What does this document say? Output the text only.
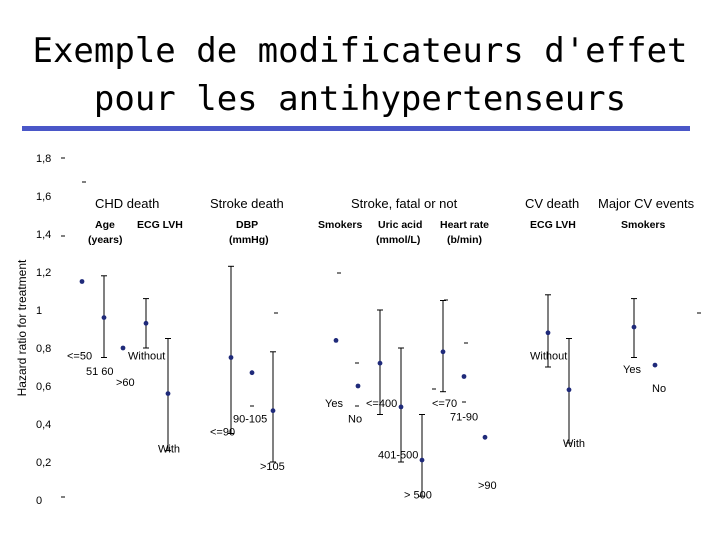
Exemple de modificateurs d'effet
pour les antihypertenseurs
0
0,2
0,4
0,6
0,8
1
1,2
1,4
1,6
1,8
Hazard ratio for treatment
CHD death	Stroke death	Stroke, fatal or not	CV death Major CV events
Age
(years)
ECG LVH	DBP
(mmHg)
Smokers Uric acid
(mmol/L)
Heart rate
(b/min)
ECG LVH	Smokers
<=50
51 60
>60
Without
With
90-105
<=90
>105
Yes
No
<=400
401-500
> 500
<=70
71-90
>90
Without
With
Yes
No
